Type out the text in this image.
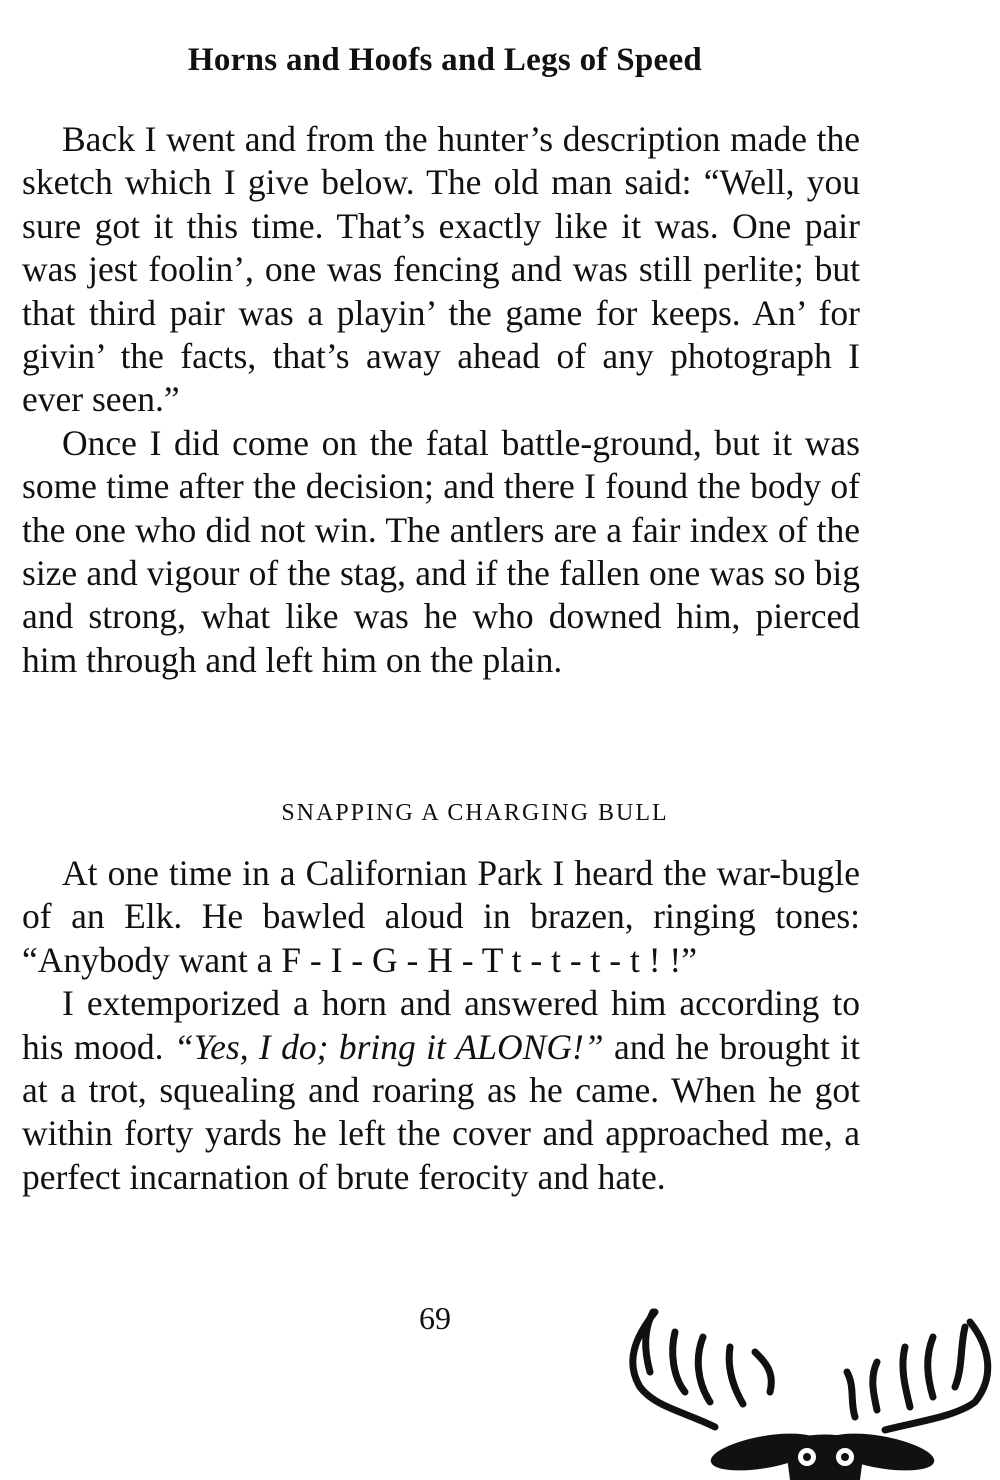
Horns and Hoofs and Legs of Speed

Back I went and from the hunter’s description made the sketch which I give below. The old man said: “Well, you sure got it this time. That’s exactly like it was. One pair was jest foolin’, one was fencing and was still perlite; but that third pair was a playin’ the game for keeps. An’ for givin’ the facts, that’s away ahead of any photograph I ever seen.”

Once I did come on the fatal battle-ground, but it was some time after the decision; and there I found the body of the one who did not win. The antlers are a fair index of the size and vigour of the stag, and if the fallen one was so big and strong, what like was he who downed him, pierced him through and left him on the plain.

SNAPPING A CHARGING BULL

At one time in a Californian Park I heard the war-bugle of an Elk. He bawled aloud in brazen, ringing tones: “Anybody want a F - I - G - H - T t - t - t - t ! !”

I extemporized a horn and answered him according to his mood. “Yes, I do; bring it ALONG!” and he brought it at a trot, squealing and roaring as he came. When he got within forty yards he left the cover and approached me, a perfect incarnation of brute ferocity and hate.

69
